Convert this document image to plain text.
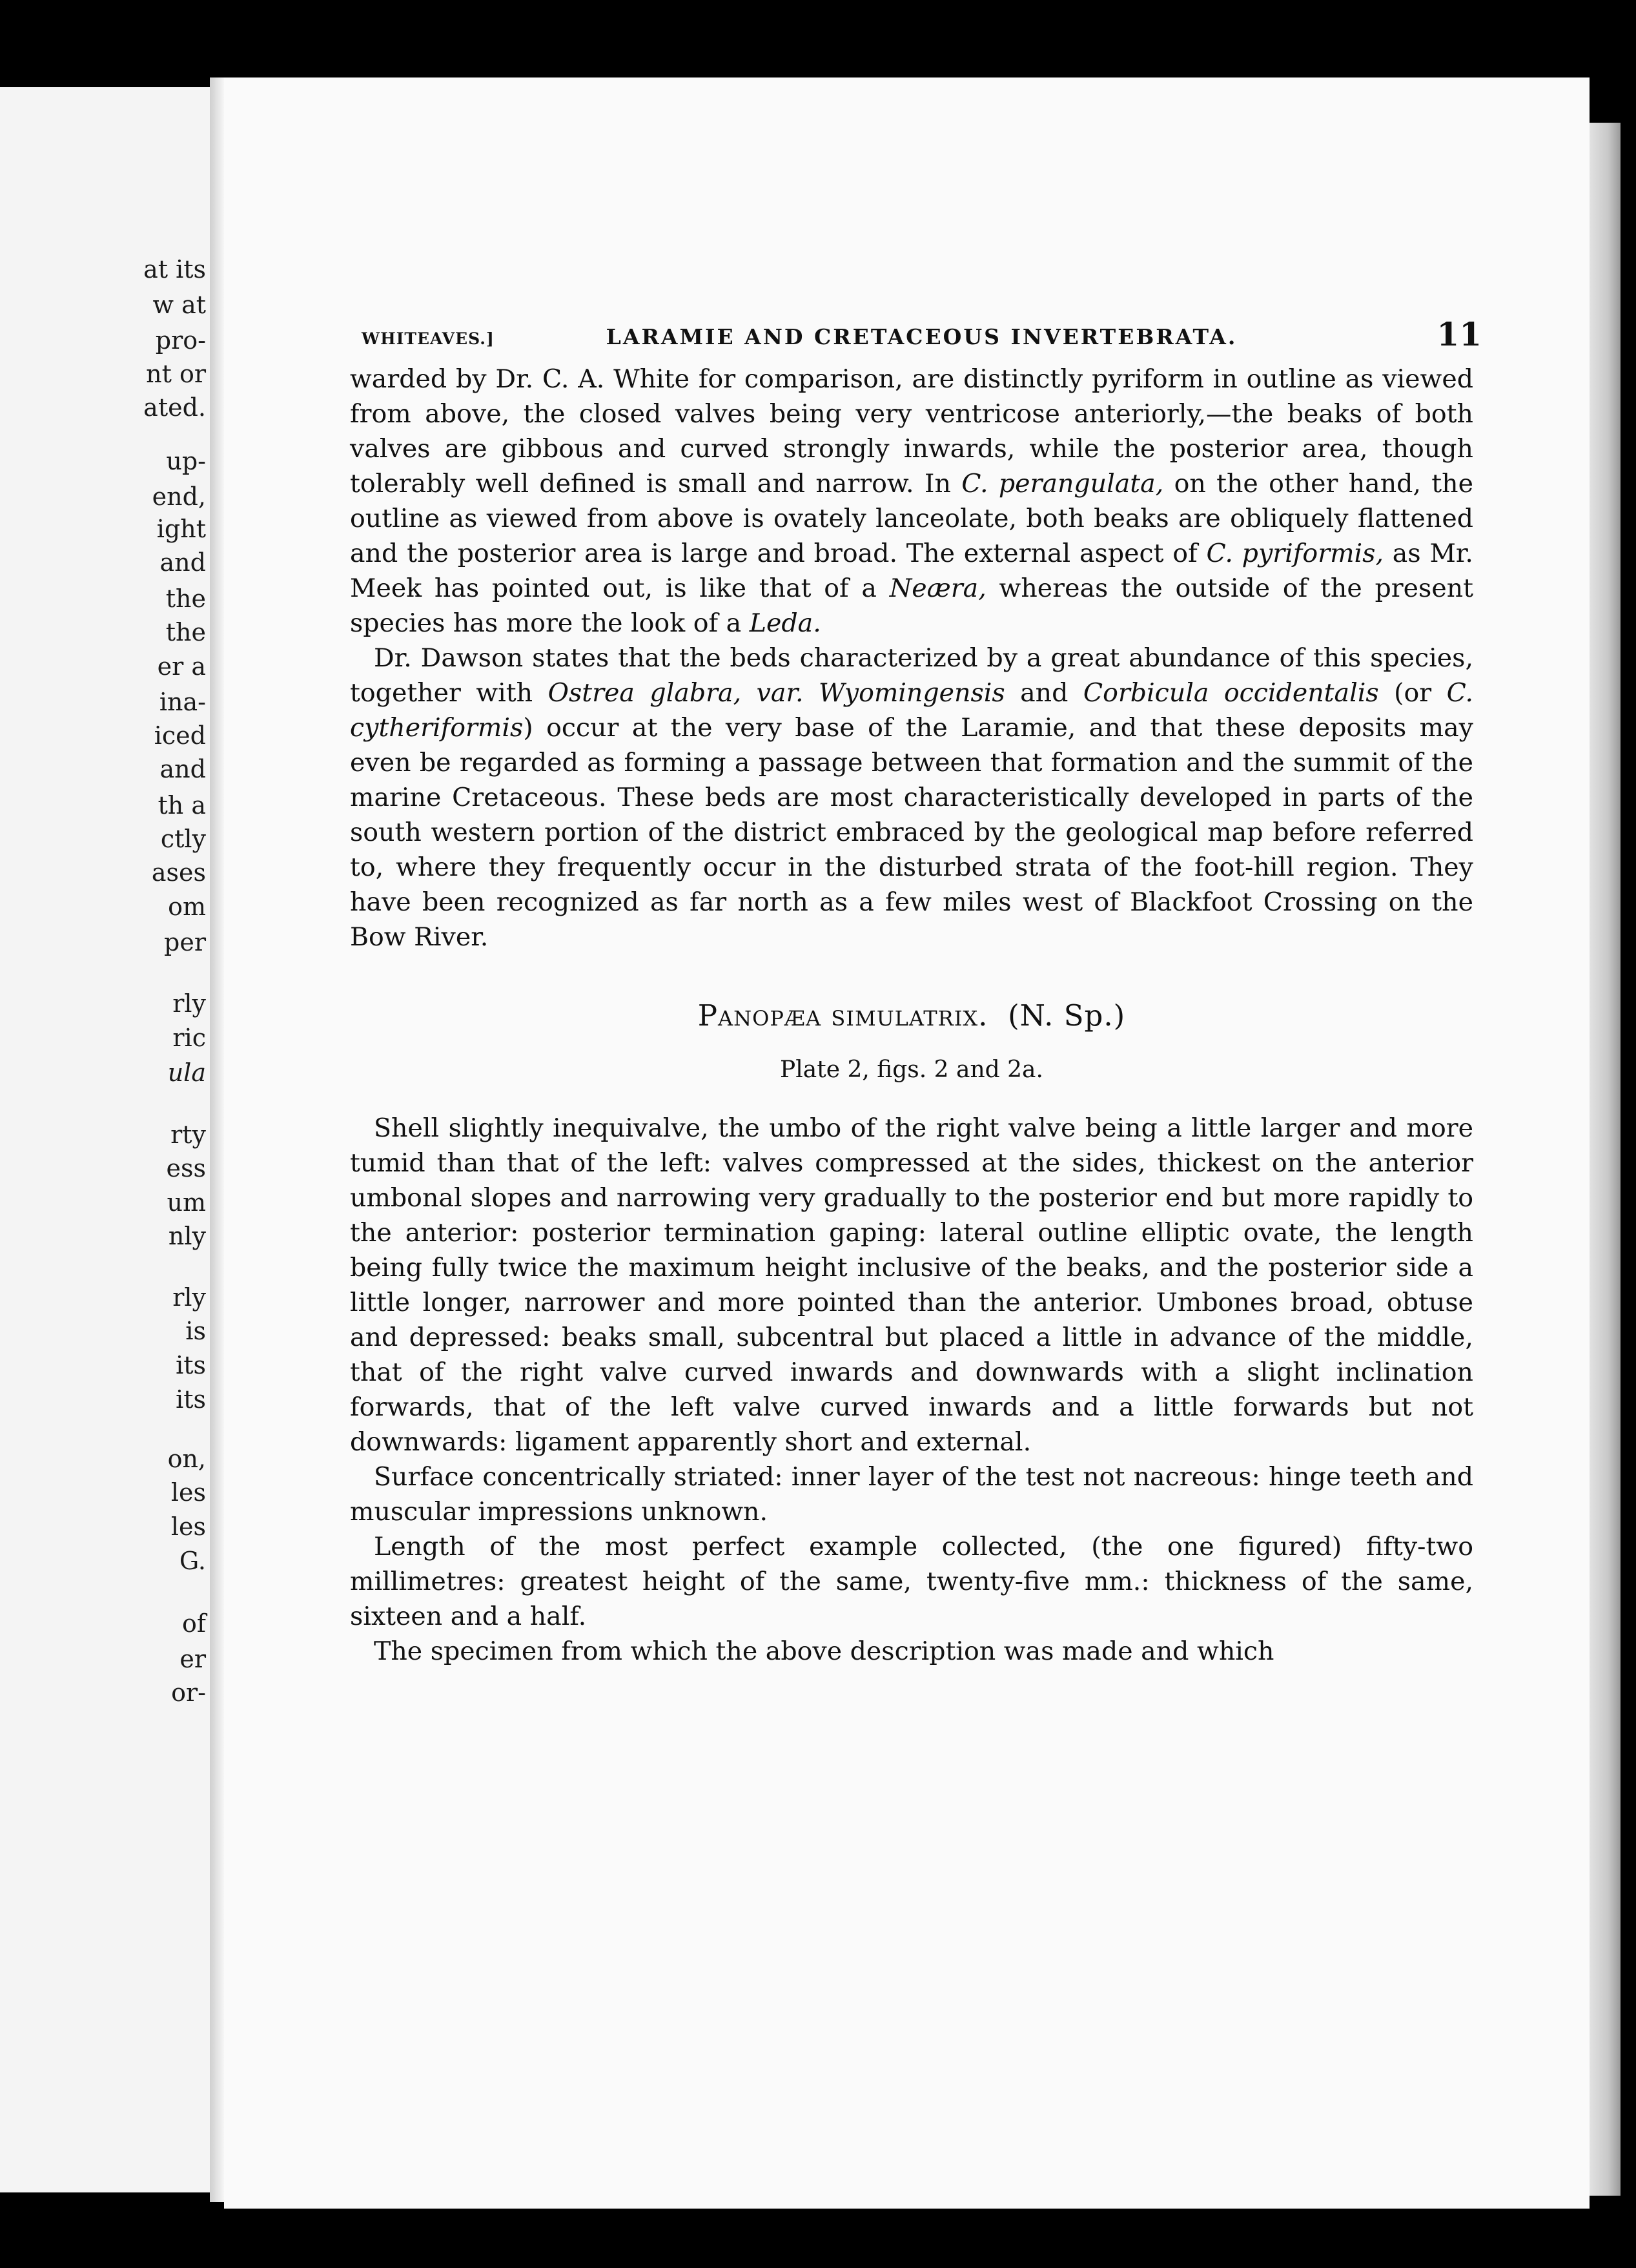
at its

w at

pro-

nt or

ated.

up-

end,

ight

and

the

the

er a

ina-

iced

and

th a

ctly

ases

om

per

rly

ric

ula

rty

ess

um

nly

rly

is

its

its

on,

les

les

G.

of

er

or-

WHITEAVES.]	LARAMIE AND CRETACEOUS INVERTEBRATA.	11

warded by Dr. C. A. White for comparison, are distinctly pyriform in outline as viewed from above, the closed valves being very ventricose anteriorly,—the beaks of both valves are gibbous and curved strongly inwards, while the posterior area, though tolerably well defined is small and narrow. In C. perangulata, on the other hand, the outline as viewed from above is ovately lanceolate, both beaks are obliquely flattened and the posterior area is large and broad. The external aspect of C. pyriformis, as Mr. Meek has pointed out, is like that of a Neæra, whereas the outside of the present species has more the look of a Leda.

Dr. Dawson states that the beds characterized by a great abundance of this species, together with Ostrea glabra, var. Wyomingensis and Corbicula occidentalis (or C. cytheriformis) occur at the very base of the Laramie, and that these deposits may even be regarded as forming a passage between that formation and the summit of the marine Cretaceous. These beds are most characteristically developed in parts of the south western portion of the district embraced by the geological map before referred to, where they frequently occur in the disturbed strata of the foot-hill region. They have been recognized as far north as a few miles west of Blackfoot Crossing on the Bow River.

Panopæa simulatrix. (N. Sp.)
Plate 2, figs. 2 and 2a.

Shell slightly inequivalve, the umbo of the right valve being a little larger and more tumid than that of the left: valves compressed at the sides, thickest on the anterior umbonal slopes and narrowing very gradually to the posterior end but more rapidly to the anterior: posterior termination gaping: lateral outline elliptic ovate, the length being fully twice the maximum height inclusive of the beaks, and the posterior side a little longer, narrower and more pointed than the anterior. Umbones broad, obtuse and depressed: beaks small, subcentral but placed a little in advance of the middle, that of the right valve curved inwards and downwards with a slight inclination forwards, that of the left valve curved inwards and a little forwards but not downwards: ligament apparently short and external.

Surface concentrically striated: inner layer of the test not nacreous: hinge teeth and muscular impressions unknown.

Length of the most perfect example collected, (the one figured) fifty-two millimetres: greatest height of the same, twenty-five mm.: thickness of the same, sixteen and a half.

The specimen from which the above description was made and which
